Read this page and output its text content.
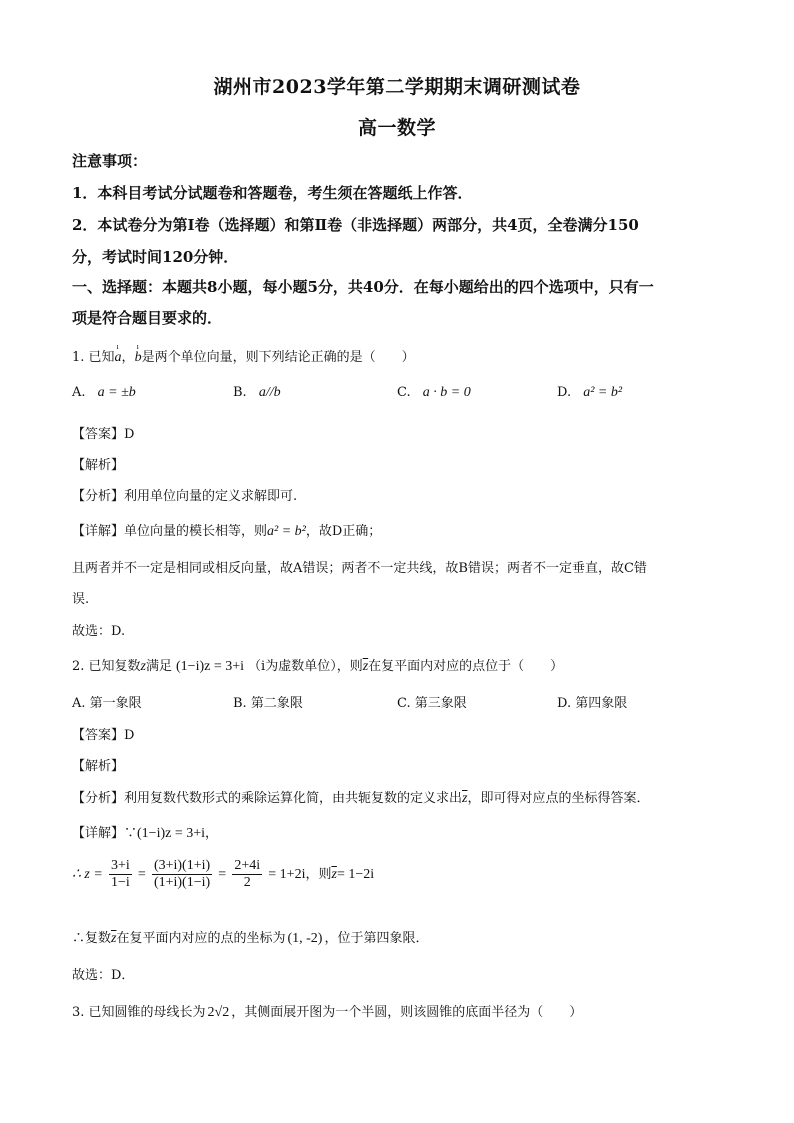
湖州市2023学年第二学期期末调研测试卷
高一数学
注意事项：
1．本科目考试分试题卷和答题卷，考生须在答题纸上作答．
2．本试卷分为第Ⅰ卷（选择题）和第Ⅱ卷（非选择题）两部分，共4页，全卷满分150
分，考试时间120分钟．
一、选择题：本题共8小题，每小题5分，共40分．在每小题给出的四个选项中，只有一
项是符合题目要求的．
1. 已知
ı
a，
ı
b是两个单位向量，则下列结论正确的是（　　）
A. a = ±b	B. a//b	C. a · b = 0	D. a² = b²
【答案】D
【解析】
【分析】利用单位向量的定义求解即可.
【详解】单位向量的模长相等，则a² = b²，故D正确；
且两者并不一定是相同或相反向量，故A错误；两者不一定共线，故B错误；两者不一定垂直，故C错
误.
故选：D.
2. 已知复数z满足 (1−i)z = 3+i （i为虚数单位），则$\overline{z}$在复平面内对应的点位于（　　）
A. 第一象限	B. 第二象限	C. 第三象限	D. 第四象限
【答案】D
【解析】
【分析】利用复数代数形式的乘除运算化简，由共轭复数的定义求出$\overline{z}$，即可得对应点的坐标得答案．
【详解】∵(1−i)z = 3+i，
∴ $z = \frac{3+i}{1-i} = \frac{(3+i)(1+i)}{(1+i)(1-i)} = \frac{2+4i}{2} = 1+2i$，则$\overline{z}= 1-2i$
∴复数$\overline{z}$在复平面内对应的点的坐标为 (1, -2) ，位于第四象限．
故选：D．
3. 已知圆锥的母线长为 2√2 ，其侧面展开图为一个半圆，则该圆锥的底面半径为（　　）
